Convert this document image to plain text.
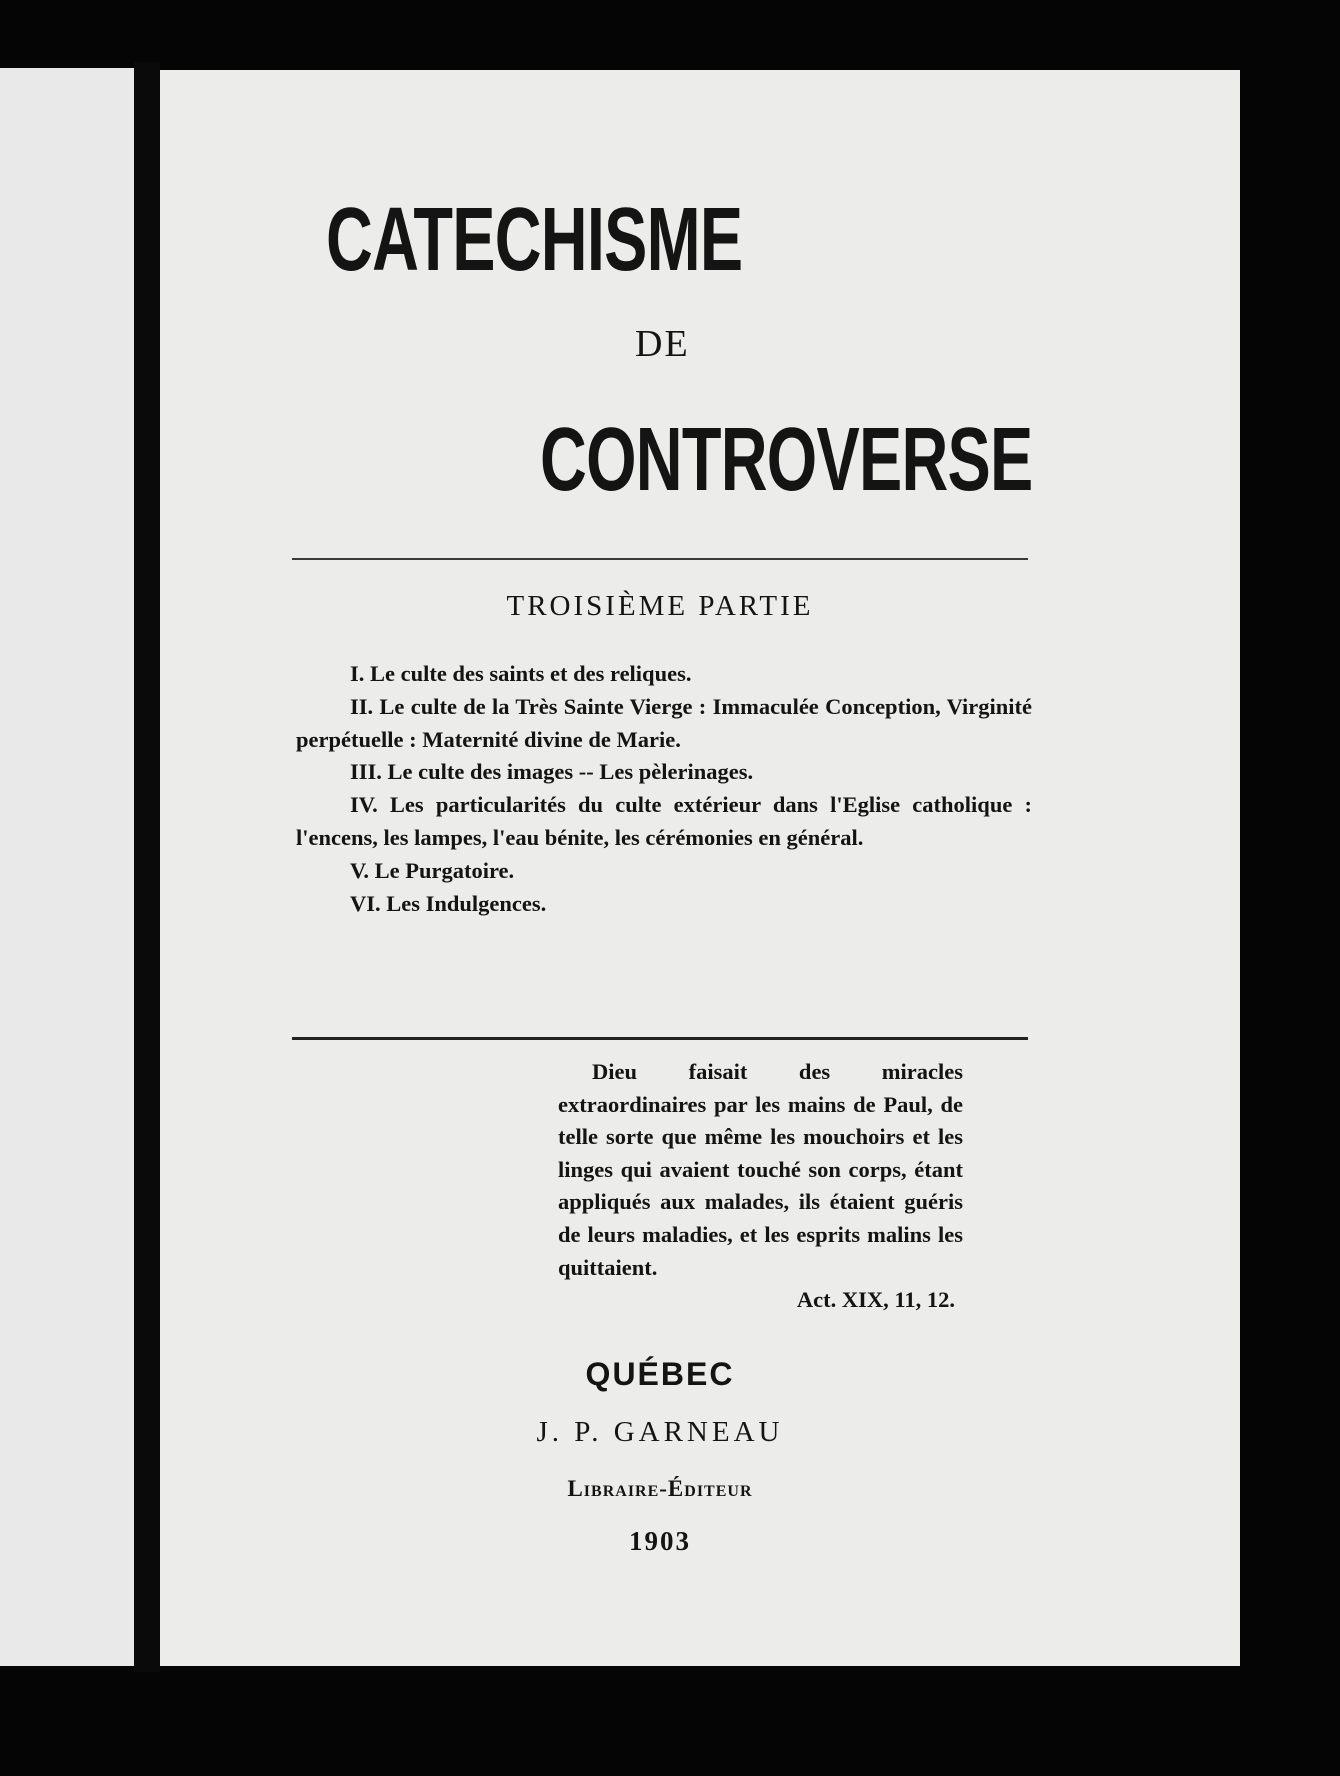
CATECHISME
DE
CONTROVERSE
TROISIÈME PARTIE

I. Le culte des saints et des reliques.

II. Le culte de la Très Sainte Vierge : Immaculée Conception, Virginité perpétuelle : Maternité divine de Marie.

III. Le culte des images -- Les pèlerinages.

IV. Les particularités du culte extérieur dans l'Eglise catholique : l'encens, les lampes, l'eau bénite, les cérémonies en général.

V. Le Purgatoire.

VI. Les Indulgences.

Dieu faisait des miracles extraordinaires par les mains de Paul, de telle sorte que même les mouchoirs et les linges qui avaient touché son corps, étant appliqués aux malades, ils étaient guéris de leurs maladies, et les esprits malins les quittaient.

Act. XIX, 11, 12.
QUÉBEC
J. P. GARNEAU
Libraire-Éditeur
1903
